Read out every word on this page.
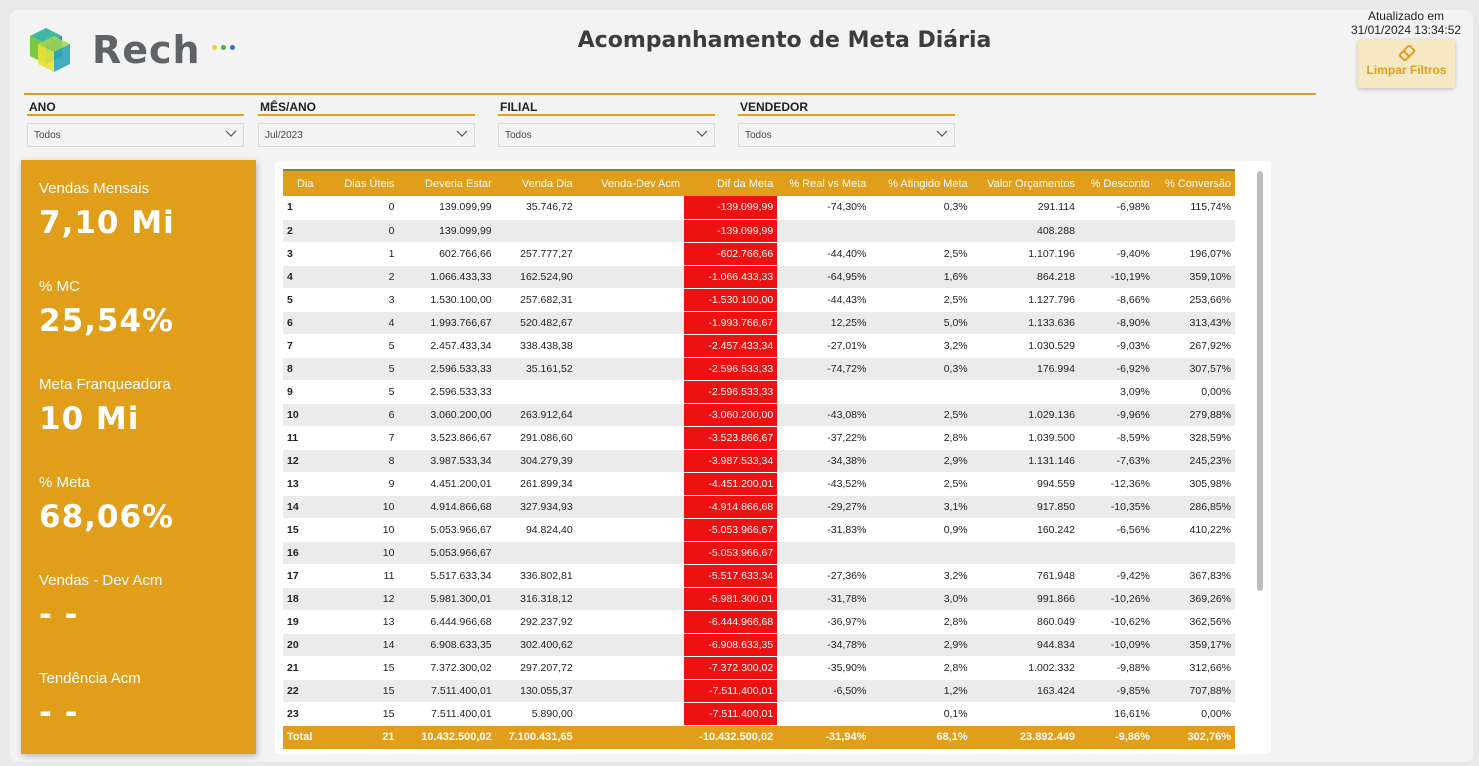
Rech	Acompanhamento de Meta Diária
Atualizado em
31/01/2024 13:34:52
Limpar Filtros
ANO
Todos
MÊS/ANO
Jul/2023
FILIAL
Todos
VENDEDOR
Todos
Vendas Mensais
7,10 Mi
% MC
25,54%
Meta Franqueadora
10 Mi
% Meta
68,06%
Vendas - Dev Acm
- -
Tendência Acm
- -
Dia	Dias Úteis	Deveria Estar	Venda Dia	Venda-Dev Acm	Dif da Meta	% Real vs Meta	% Atingido Meta	Valor Orçamentos	% Desconto	% Conversão
1	0	139.099,99	35.746,72		-139.099,99	-74,30%	0,3%	291.114	-6,98%	115,74%
2	0	139.099,99			-139.099,99			408.288		
3	1	602.766,66	257.777,27		-602.766,66	-44,40%	2,5%	1.107.196	-9,40%	196,07%
4	2	1.066.433,33	162.524,90		-1.066.433,33	-64,95%	1,6%	864.218	-10,19%	359,10%
5	3	1.530.100,00	257.682,31		-1.530.100,00	-44,43%	2,5%	1.127.796	-8,66%	253,66%
6	4	1.993.766,67	520.482,67		-1.993.766,67	12,25%	5,0%	1.133.636	-8,90%	313,43%
7	5	2.457.433,34	338.438,38		-2.457.433,34	-27,01%	3,2%	1.030.529	-9,03%	267,92%
8	5	2.596.533,33	35.161,52		-2.596.533,33	-74,72%	0,3%	176.994	-6,92%	307,57%
9	5	2.596.533,33			-2.596.533,33				3,09%	0,00%
10	6	3.060.200,00	263.912,64		-3.060.200,00	-43,08%	2,5%	1.029.136	-9,96%	279,88%
11	7	3.523.866,67	291.086,60		-3.523.866,67	-37,22%	2,8%	1.039.500	-8,59%	328,59%
12	8	3.987.533,34	304.279,39		-3.987.533,34	-34,38%	2,9%	1.131.146	-7,63%	245,23%
13	9	4.451.200,01	261.899,34		-4.451.200,01	-43,52%	2,5%	994.559	-12,36%	305,98%
14	10	4.914.866,68	327.934,93		-4.914.866,68	-29,27%	3,1%	917.850	-10,35%	286,85%
15	10	5.053.966,67	94.824,40		-5.053.966,67	-31,83%	0,9%	160.242	-6,56%	410,22%
16	10	5.053.966,67			-5.053.966,67					
17	11	5.517.633,34	336.802,81		-5.517.633,34	-27,36%	3,2%	761.948	-9,42%	367,83%
18	12	5.981.300,01	316.318,12		-5.981.300,01	-31,78%	3,0%	991.866	-10,26%	369,26%
19	13	6.444.966,68	292.237,92		-6.444.966,68	-36,97%	2,8%	860.049	-10,62%	362,56%
20	14	6.908.633,35	302.400,62		-6.908.633,35	-34,78%	2,9%	944.834	-10,09%	359,17%
21	15	7.372.300,02	297.207,72		-7.372.300,02	-35,90%	2,8%	1.002.332	-9,88%	312,66%
22	15	7.511.400,01	130.055,37		-7.511.400,01	-6,50%	1,2%	163.424	-9,85%	707,88%
23	15	7.511.400,01	5.890,00		-7.511.400,01		0,1%		16,61%	0,00%
Total	21	10.432.500,02	7.100.431,65		-10.432.500,02	-31,94%	68,1%	23.892.449	-9,86%	302,76%
